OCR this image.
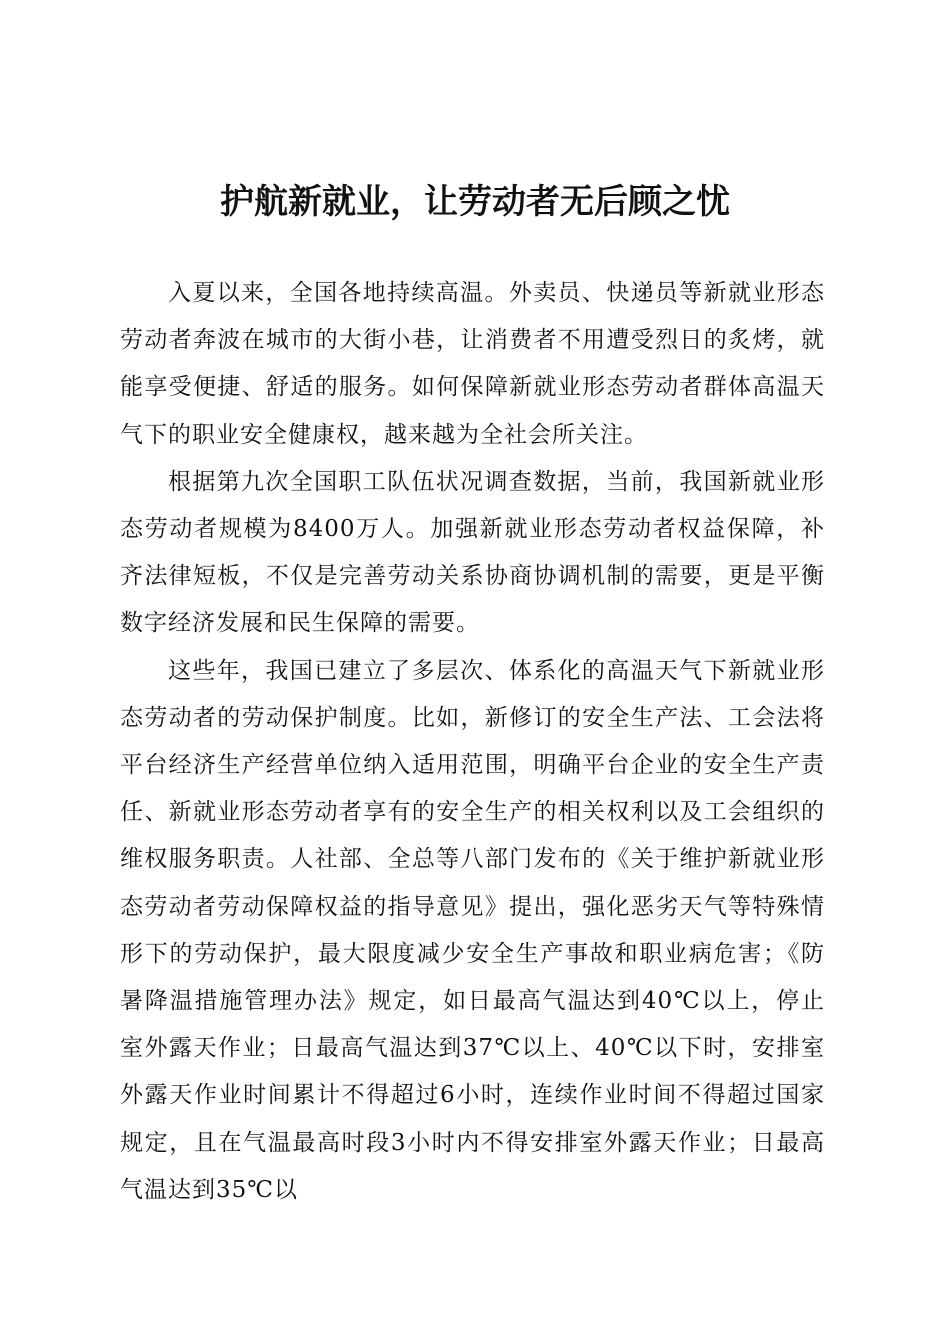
护航新就业，让劳动者无后顾之忧

入夏以来，全国各地持续高温。外卖员、快递员等新就业形态劳动者奔波在城市的大街小巷，让消费者不用遭受烈日的炙烤，就能享受便捷、舒适的服务。如何保障新就业形态劳动者群体高温天气下的职业安全健康权，越来越为全社会所关注。

根据第九次全国职工队伍状况调查数据，当前，我国新就业形态劳动者规模为8400万人。加强新就业形态劳动者权益保障，补齐法律短板，不仅是完善劳动关系协商协调机制的需要，更是平衡数字经济发展和民生保障的需要。

这些年，我国已建立了多层次、体系化的高温天气下新就业形态劳动者的劳动保护制度。比如，新修订的安全生产法、工会法将平台经济生产经营单位纳入适用范围，明确平台企业的安全生产责任、新就业形态劳动者享有的安全生产的相关权利以及工会组织的维权服务职责。人社部、全总等八部门发布的《关于维护新就业形态劳动者劳动保障权益的指导意见》提出，强化恶劣天气等特殊情形下的劳动保护，最大限度减少安全生产事故和职业病危害；《防暑降温措施管理办法》规定，如日最高气温达到40℃以上，停止室外露天作业；日最高气温达到37℃以上、40℃以下时，安排室外露天作业时间累计不得超过6小时，连续作业时间不得超过国家规定，且在气温最高时段3小时内不得安排室外露天作业；日最高气温达到35℃以
